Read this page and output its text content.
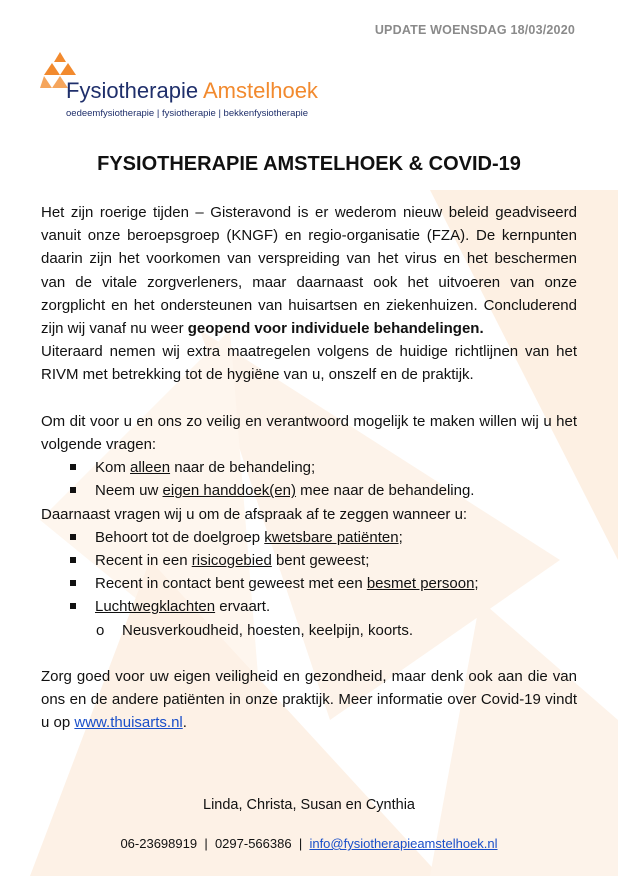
UPDATE WOENSDAG 18/03/2020
Fysiotherapie Amstelhoek
oedeemfysiotherapie | fysiotherapie | bekkenfysiotherapie
FYSIOTHERAPIE AMSTELHOEK & COVID-19

Het zijn roerige tijden – Gisteravond is er wederom nieuw beleid geadviseerd vanuit onze beroepsgroep (KNGF) en regio-organisatie (FZA). De kernpunten daarin zijn het voorkomen van verspreiding van het virus en het beschermen van de vitale zorgverleners, maar daarnaast ook het uitvoeren van onze zorgplicht en het ondersteunen van huisartsen en ziekenhuizen. Concluderend zijn wij vanaf nu weer geopend voor individuele behandelingen.

Uiteraard nemen wij extra maatregelen volgens de huidige richtlijnen van het RIVM met betrekking tot de hygiëne van u, onszelf en de praktijk.

Om dit voor u en ons zo veilig en verantwoord mogelijk te maken willen wij u het volgende vragen:

Kom alleen naar de behandeling;
Neem uw eigen handdoek(en) mee naar de behandeling.

Daarnaast vragen wij u om de afspraak af te zeggen wanneer u:

Behoort tot de doelgroep kwetsbare patiënten;
Recent in een risicogebied bent geweest;
Recent in contact bent geweest met een besmet persoon;
Luchtwegklachten ervaart.
o Neusverkoudheid, hoesten, keelpijn, koorts.

Zorg goed voor uw eigen veiligheid en gezondheid, maar denk ook aan die van ons en de andere patiënten in onze praktijk. Meer informatie over Covid-19 vindt u op www.thuisarts.nl.

Linda, Christa, Susan en Cynthia
06-23698919 | 0297-566386 | info@fysiotherapieamstelhoek.nl
